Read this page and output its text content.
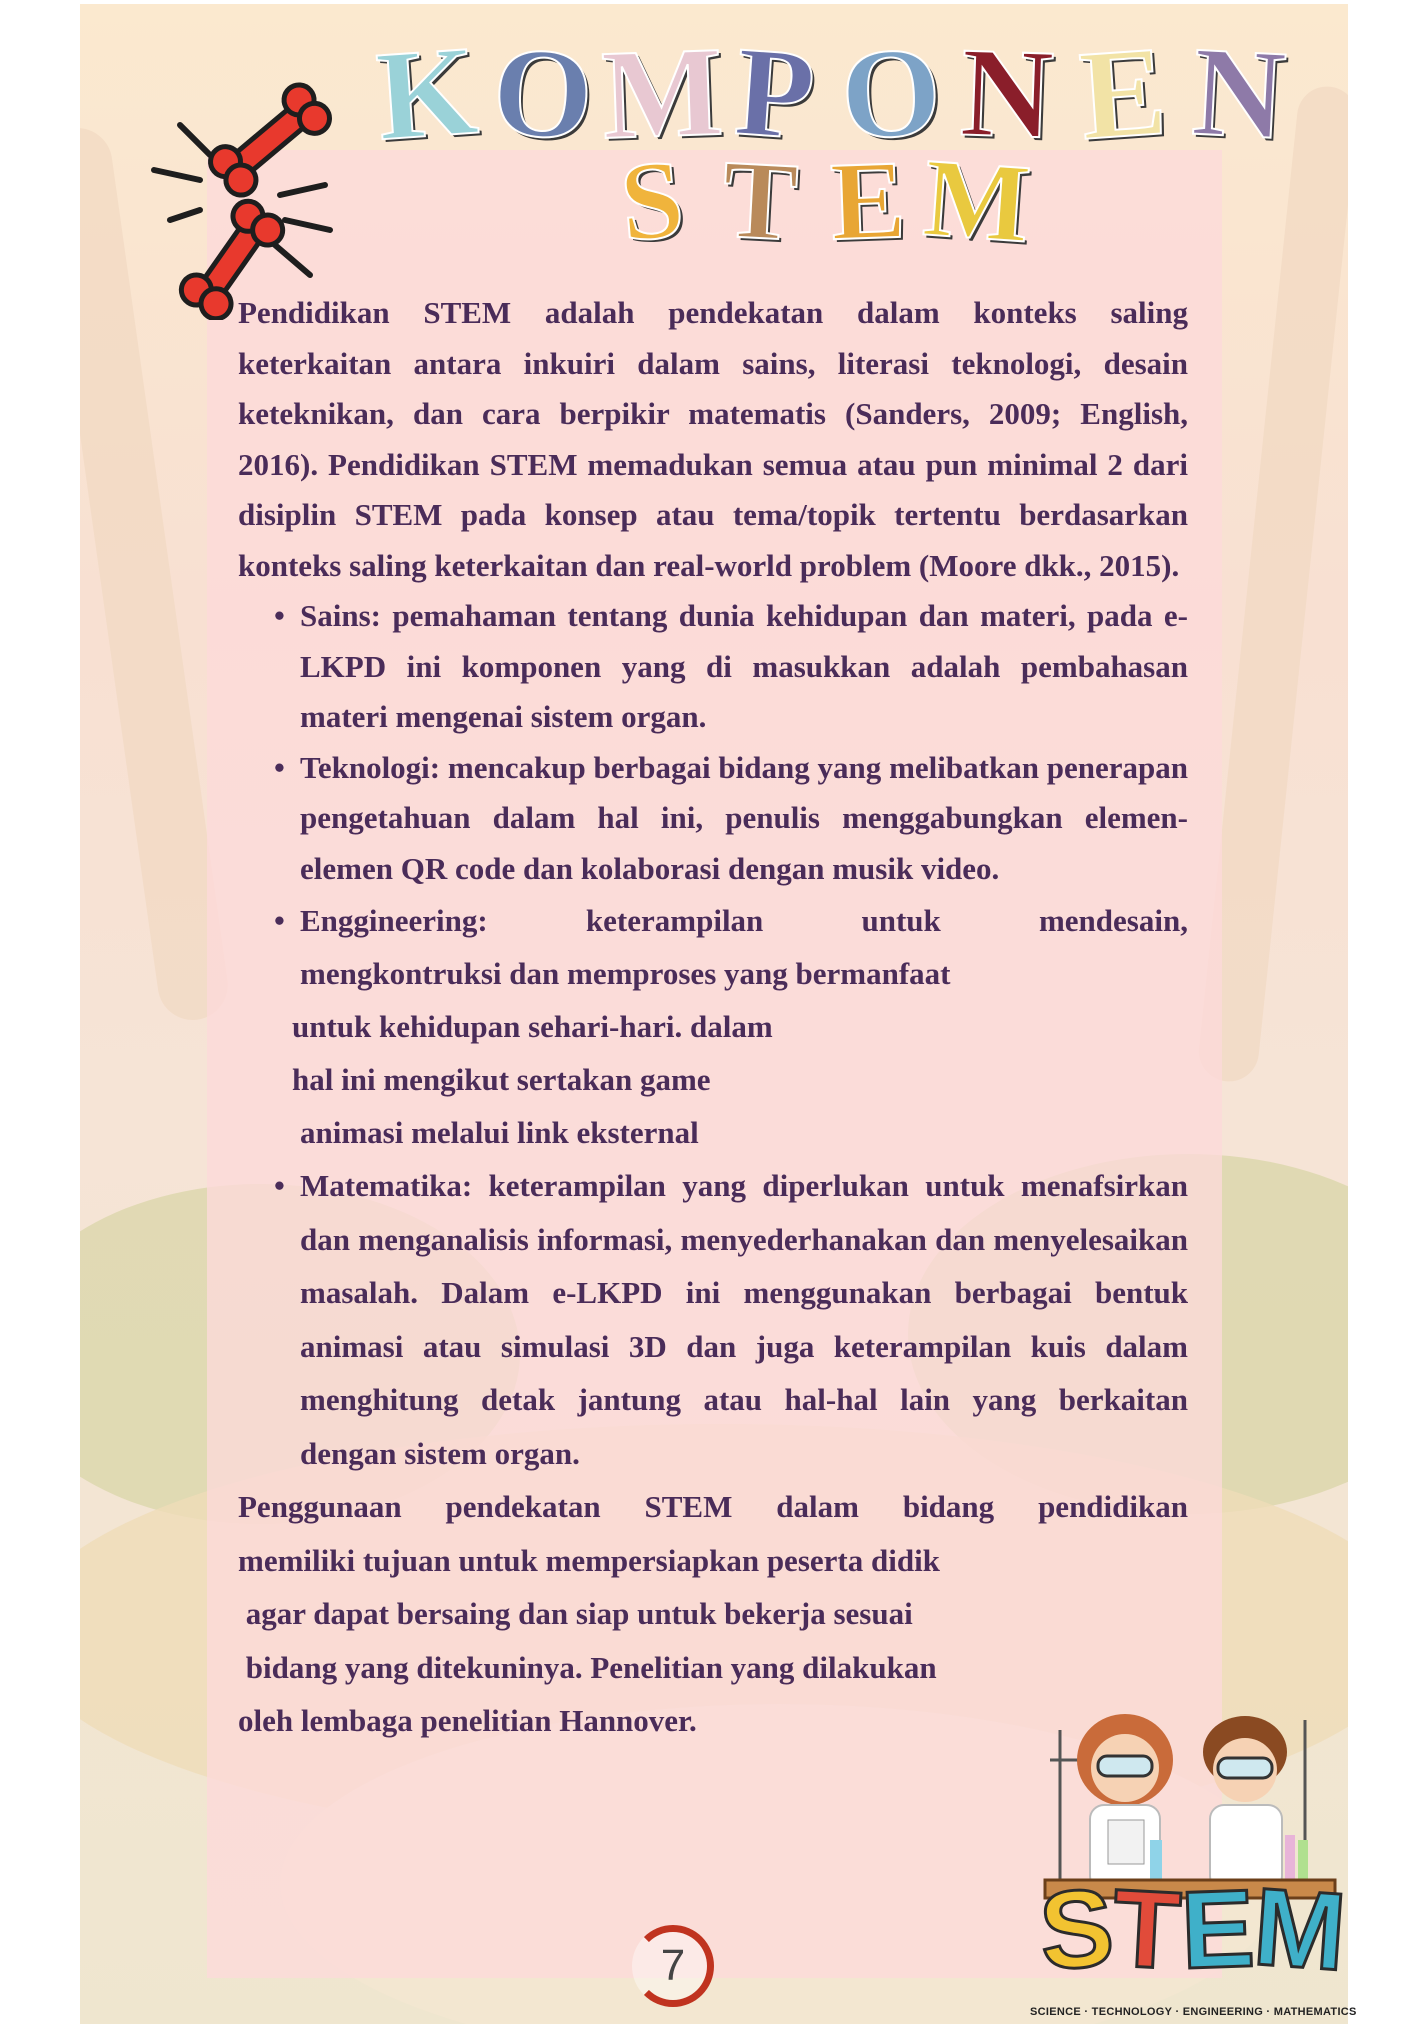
K O M P O N E N
S T E M

Pendidikan STEM adalah pendekatan dalam konteks saling keterkaitan antara inkuiri dalam sains, literasi teknologi, desain keteknikan, dan cara berpikir matematis (Sanders, 2009; English, 2016). Pendidikan STEM memadukan semua atau pun minimal 2 dari disiplin STEM pada konsep atau tema/topik tertentu berdasarkan konteks saling keterkaitan dan real-world problem (Moore dkk., 2015).

• Sains: pemahaman tentang dunia kehidupan dan materi, pada e-LKPD ini komponen yang di masukkan adalah pembahasan materi mengenai sistem organ.
• Teknologi: mencakup berbagai bidang yang melibatkan penerapan pengetahuan dalam hal ini, penulis menggabungkan elemen-elemen QR code dan kolaborasi dengan musik video.
• Enggineering:	keterampilan	untuk	mendesain,
mengkontruksi dan memproses yang bermanfaat
untuk kehidupan sehari-hari. dalam
hal ini mengikut sertakan game
animasi melalui link eksternal
• Matematika: keterampilan yang diperlukan untuk menafsirkan dan menganalisis informasi, menyederhanakan dan menyelesaikan masalah. Dalam e-LKPD ini menggunakan berbagai bentuk animasi atau simulasi 3D dan juga keterampilan kuis dalam menghitung detak jantung atau hal-hal lain yang berkaitan dengan sistem organ.

Penggunaan pendekatan STEM dalam bidang pendidikan
memiliki tujuan untuk mempersiapkan peserta didik
agar dapat bersaing dan siap untuk bekerja sesuai
bidang yang ditekuninya. Penelitian yang dilakukan
oleh lembaga penelitian Hannover.

7	S
T
E
M
SCIENCE · TECHNOLOGY · ENGINEERING · MATHEMATICS
